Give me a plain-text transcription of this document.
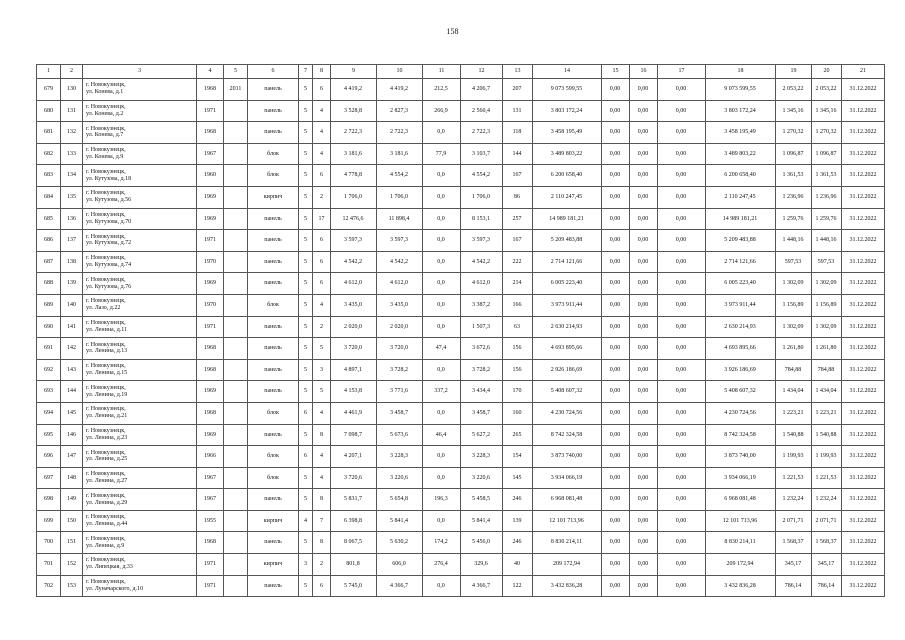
158
1	2	3	4	5	6	7	8	9	10	11	12	13	14	15	16	17	18	19	20	21
679	130	г. Новокузнецк,
ул. Конева, д.1	1968	2011	панель	5	6	4 419,2	4 419,2	212,5	4 206,7	207	9 073 599,55	0,00	0,00	0,00	9 073 599,55	2 053,22	2 053,22	31.12.2022
680	131	г. Новокузнецк,
ул. Конева, д.2	1971		панель	5	4	3 528,8	2 827,3	266,9	2 560,4	131	3 803 172,24	0,00	0,00	0,00	3 803 172,24	1 345,16	1 345,16	31.12.2022
681	132	г. Новокузнецк,
ул. Конева, д.7	1968		панель	5	4	2 722,3	2 722,3	0,0	2 722,3	118	3 458 195,49	0,00	0,00	0,00	3 458 195,49	1 270,32	1 270,32	31.12.2022
682	133	г. Новокузнецк,
ул. Конева, д.9	1967		блок	5	4	3 181,6	3 181,6	77,9	3 103,7	144	3 489 803,22	0,00	0,00	0,00	3 489 803,22	1 096,87	1 096,87	31.12.2022
683	134	г. Новокузнецк,
ул. Кутузова, д.18	1960		блок	5	6	4 778,8	4 554,2	0,0	4 554,2	167	6 200 658,40	0,00	0,00	0,00	6 200 658,40	1 361,53	1 361,53	31.12.2022
684	135	г. Новокузнецк,
ул. Кутузова, д.56	1969		кирпич	5	2	1 706,0	1 706,0	0,0	1 706,0	86	2 110 247,45	0,00	0,00	0,00	2 110 247,45	1 236,96	1 236,96	31.12.2022
685	136	г. Новокузнецк,
ул. Кутузова, д.70	1969		панель	5	17	12 476,6	11 898,4	0,0	8 153,1	257	14 989 181,21	0,00	0,00	0,00	14 989 181,21	1 259,76	1 259,76	31.12.2022
686	137	г. Новокузнецк,
ул. Кутузова, д.72	1971		панель	5	6	3 597,3	3 597,3	0,0	3 597,3	167	5 209 483,88	0,00	0,00	0,00	5 209 483,88	1 448,16	1 448,16	31.12.2022
687	138	г. Новокузнецк,
ул. Кутузова, д.74	1970		панель	5	6	4 542,2	4 542,2	0,0	4 542,2	222	2 714 121,66	0,00	0,00	0,00	2 714 121,66	597,53	597,53	31.12.2022
688	139	г. Новокузнецк,
ул. Кутузова, д.76	1969		панель	5	6	4 612,0	4 612,0	0,0	4 612,0	214	6 005 223,40	0,00	0,00	0,00	6 005 223,40	1 302,09	1 302,09	31.12.2022
689	140	г. Новокузнецк,
ул. Лазо, д.22	1970		блок	5	4	3 435,0	3 435,0	0,0	3 387,2	166	3 973 911,44	0,00	0,00	0,00	3 973 911,44	1 156,89	1 156,89	31.12.2022
690	141	г. Новокузнецк,
ул. Ленина, д.11	1971		панель	5	2	2 020,0	2 020,0	0,0	1 507,3	63	2 630 214,93	0,00	0,00	0,00	2 630 214,93	1 302,09	1 302,09	31.12.2022
691	142	г. Новокузнецк,
ул. Ленина, д.13	1968		панель	5	5	3 720,0	3 720,0	47,4	3 672,6	156	4 693 895,66	0,00	0,00	0,00	4 693 895,66	1 261,80	1 261,80	31.12.2022
692	143	г. Новокузнецк,
ул. Ленина, д.15	1968		панель	5	3	4 897,1	3 728,2	0,0	3 728,2	156	2 926 186,69	0,00	0,00	0,00	3 926 186,69	784,88	784,88	31.12.2022
693	144	г. Новокузнецк,
ул. Ленина, д.19	1969		панель	5	5	4 153,8	3 771,6	337,2	3 434,4	170	5 408 607,32	0,00	0,00	0,00	5 408 607,32	1 434,04	1 434,04	31.12.2022
694	145	г. Новокузнецк,
ул. Ленина, д.21	1968		блок	6	4	4 461,9	3 458,7	0,0	3 458,7	160	4 230 724,56	0,00	0,00	0,00	4 230 724,56	1 223,21	1 223,21	31.12.2022
695	146	г. Новокузнецк,
ул. Ленина, д.23	1969		панель	5	8	7 098,7	5 673,6	46,4	5 627,2	265	8 742 324,58	0,00	0,00	0,00	8 742 324,58	1 540,88	1 540,88	31.12.2022
696	147	г. Новокузнецк,
ул. Ленина, д.25	1966		блок	6	4	4 207,1	3 228,3	0,0	3 228,3	154	3 873 740,00	0,00	0,00	0,00	3 873 740,00	1 199,93	1 199,93	31.12.2022
697	148	г. Новокузнецк,
ул. Ленина, д.27	1967		блок	5	4	3 720,6	3 220,6	0,0	3 220,6	145	3 934 066,19	0,00	0,00	0,00	3 934 066,19	1 221,53	1 221,53	31.12.2022
698	149	г. Новокузнецк,
ул. Ленина, д.29	1967		панель	5	8	5 831,7	5 654,8	196,3	5 458,5	246	6 968 081,48	0,00	0,00	0,00	6 968 081,48	1 232,24	1 232,24	31.12.2022
699	150	г. Новокузнецк,
ул. Ленина, д.44	1955		кирпич	4	7	6 398,8	5 841,4	0,0	5 841,4	139	12 101 713,96	0,00	0,00	0,00	12 101 713,96	2 071,71	2 071,71	31.12.2022
700	151	г. Новокузнецк,
ул. Ленина, д.9	1968		панель	5	8	8 067,5	5 630,2	174,2	5 456,0	246	8 830 214,11	0,00	0,00	0,00	8 830 214,11	1 568,37	1 568,37	31.12.2022
701	152	г. Новокузнецк,
ул. Липецкая, д.33	1971		кирпич	3	2	801,8	606,0	276,4	329,6	40	209 172,94	0,00	0,00	0,00	209 172,94	345,17	345,17	31.12.2022
702	153	г. Новокузнецк,
ул. Луначарского, д.10	1971		панель	5	6	5 745,0	4 366,7	0,0	4 366,7	122	3 432 836,28	0,00	0,00	0,00	3 432 836,28	786,14	786,14	31.12.2022
